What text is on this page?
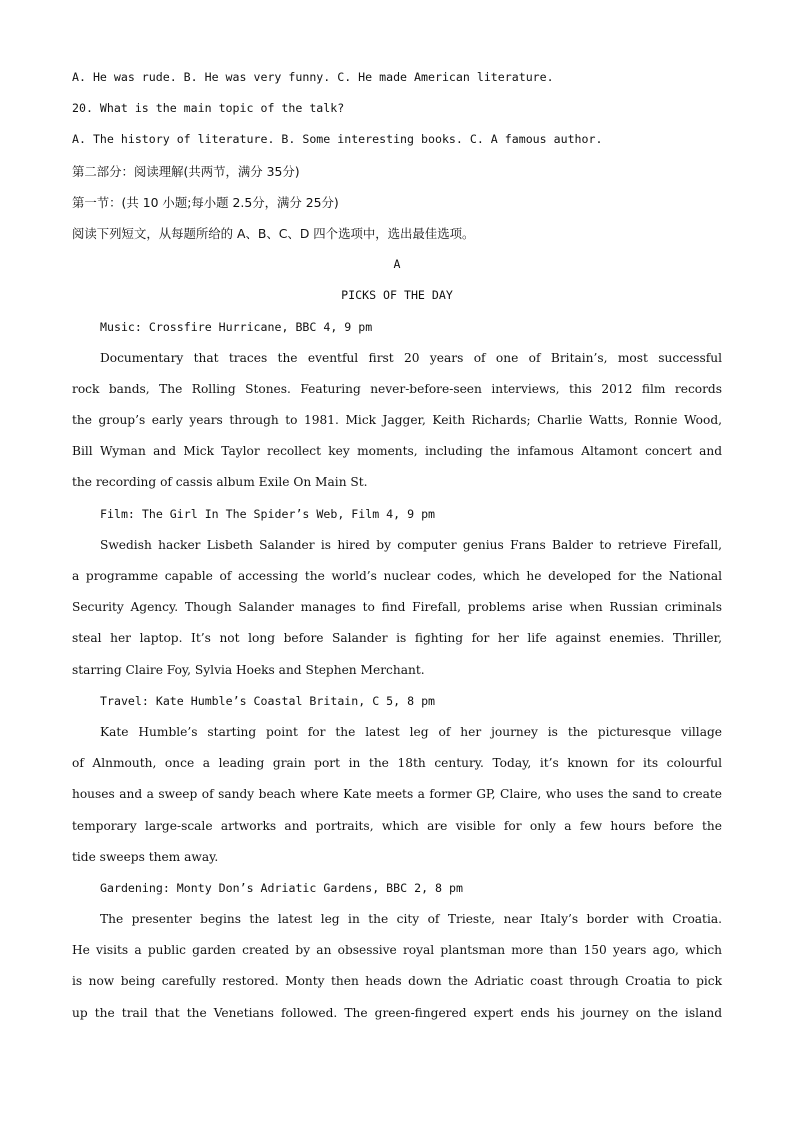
A. He was rude. B. He was very funny. C. He made American literature.
20. What is the main topic of the talk?
A. The history of literature. B. Some interesting books. C. A famous author.
第二部分：阅读理解(共两节，满分 35分)
第一节：(共 10 小题;每小题 2.5分，满分 25分)
阅读下列短文，从每题所给的 A、B、C、D 四个选项中，选出最佳选项。
A
PICKS OF THE DAY
Music: Crossfire Hurricane, BBC 4, 9 pm
Documentary that traces the eventful first 20 years of one of Britain’s, most successful
rock bands, The Rolling Stones. Featuring never-before-seen interviews, this 2012 film records
the group’s early years through to 1981. Mick Jagger, Keith Richards; Charlie Watts, Ronnie Wood,
Bill Wyman and Mick Taylor recollect key moments, including the infamous Altamont concert and
the recording of cassis album Exile On Main St.
Film: The Girl In The Spider’s Web, Film 4, 9 pm
Swedish hacker Lisbeth Salander is hired by computer genius Frans Balder to retrieve Firefall,
a programme capable of accessing the world’s nuclear codes, which he developed for the National
Security Agency. Though Salander manages to find Firefall, problems arise when Russian criminals
steal her laptop. It’s not long before Salander is fighting for her life against enemies. Thriller,
starring Claire Foy, Sylvia Hoeks and Stephen Merchant.
Travel: Kate Humble’s Coastal Britain, C 5, 8 pm
Kate Humble’s starting point for the latest leg of her journey is the picturesque village
of Alnmouth, once a leading grain port in the 18th century. Today, it’s known for its colourful
houses and a sweep of sandy beach where Kate meets a former GP, Claire, who uses the sand to create
temporary large-scale artworks and portraits, which are visible for only a few hours before the
tide sweeps them away.
Gardening: Monty Don’s Adriatic Gardens, BBC 2, 8 pm
The presenter begins the latest leg in the city of Trieste, near Italy’s border with Croatia.
He visits a public garden created by an obsessive royal plantsman more than 150 years ago, which
is now being carefully restored. Monty then heads down the Adriatic coast through Croatia to pick
up the trail that the Venetians followed. The green-fingered expert ends his journey on the island
